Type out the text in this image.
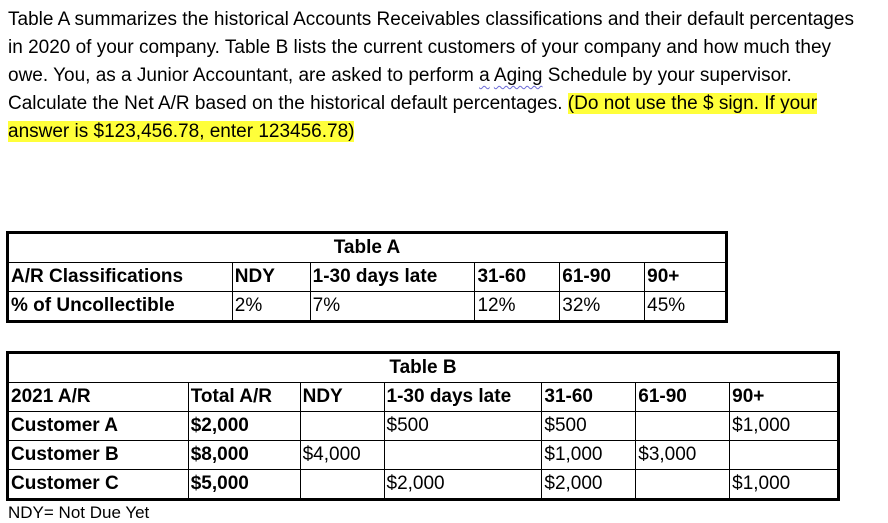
Table A summarizes the historical Accounts Receivables classifications and their default percentages in 2020 of your company. Table B lists the current customers of your company and how much they owe. You, as a Junior Accountant, are asked to perform a Aging Schedule by your supervisor. Calculate the Net A/R based on the historical default percentages. (Do not use the $ sign. If your answer is $123,456.78, enter 123456.78)

Table A					
A/R Classifications	NDY	1-30 days late	31-60	61-90	90+
% of Uncollectible	2%	7%	12%	32%	45%
Table B						
2021 A/R	Total A/R	NDY	1-30 days late	31-60	61-90	90+
Customer A	$2,000		$500	$500		$1,000
Customer B	$8,000	$4,000		$1,000	$3,000	
Customer C	$5,000		$2,000	$2,000		$1,000
NDY= Not Due Yet
